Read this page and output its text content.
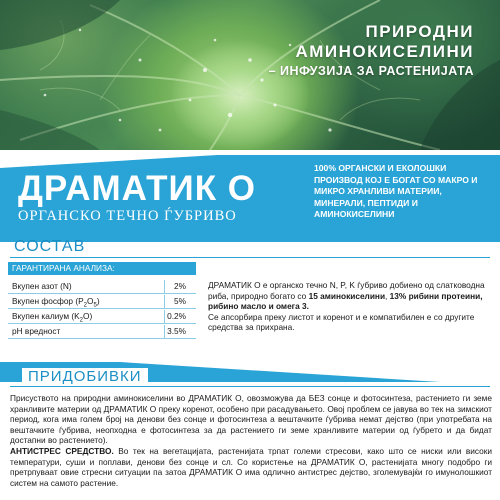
ПРИРОДНИ
АМИНОКИСЕЛИНИ
– ИНФУЗИЈА ЗА РАСТЕНИЈАТА
ДРАМАТИК О
ОРГАНСКО ТЕЧНО ЃУБРИВО
100% ОРГАНСКИ И ЕКОЛОШКИ ПРОИЗВОД КОЈ Е БОГАТ СО МАКРО И МИКРО ХРАНЛИВИ МАТЕРИИ, МИНЕРАЛИ, ПЕПТИДИ И АМИНОКИСЕЛИНИ
СОСТАВ
ГАРАНТИРАНА АНАЛИЗА:
Вкупен азот (N)	2%
Вкупен фосфор $(P_2O_5)$	5%
Вкупен калиум $(K_2O)$	0.2%
pH вредност	3.5%
ДРАМАТИК О е органско течно N, P, K ѓубриво добиено од слатководна риба, природно богато со 15 аминокиселини, 13% рибини протеини, рибино масло и омега 3.
Се апсорбира преку листот и коренот и е компатибилен е со другите средства за прихрана.
ПРИДОБИВКИ
Присуството на природни аминокиселини во ДРАМАТИК О, овозможува да БЕЗ сонце и фотосинтеза, растението ги земе хранливите материи од ДРАМАТИК О преку коренот, особено при расадувањето. Овој проблем се јавува во тек на зимскиот период, кога има голем број на денови без сонце и фотосинтеза а вештачките ѓубрива немат дејство (при употребата на вештачките ѓубрива, неопходна е фотосинтеза за да растението ги земе хранливите материи од ѓубрето и да бидат достапни во растението).
АНТИСТРЕС СРЕДСТВО. Во тек на вегетацијата, растенијата трпат големи стресови, како што се ниски или високи температури, суши и поплави, денови без сонце и сл. Со користење на ДРАМАТИК О, растенијата многу подобро ги претрпуваат овие стресни ситуации па затоа ДРАМАТИК О има одлично антистрес дејство, зголемувајќи го имунолошкиот систем на самото растение.
